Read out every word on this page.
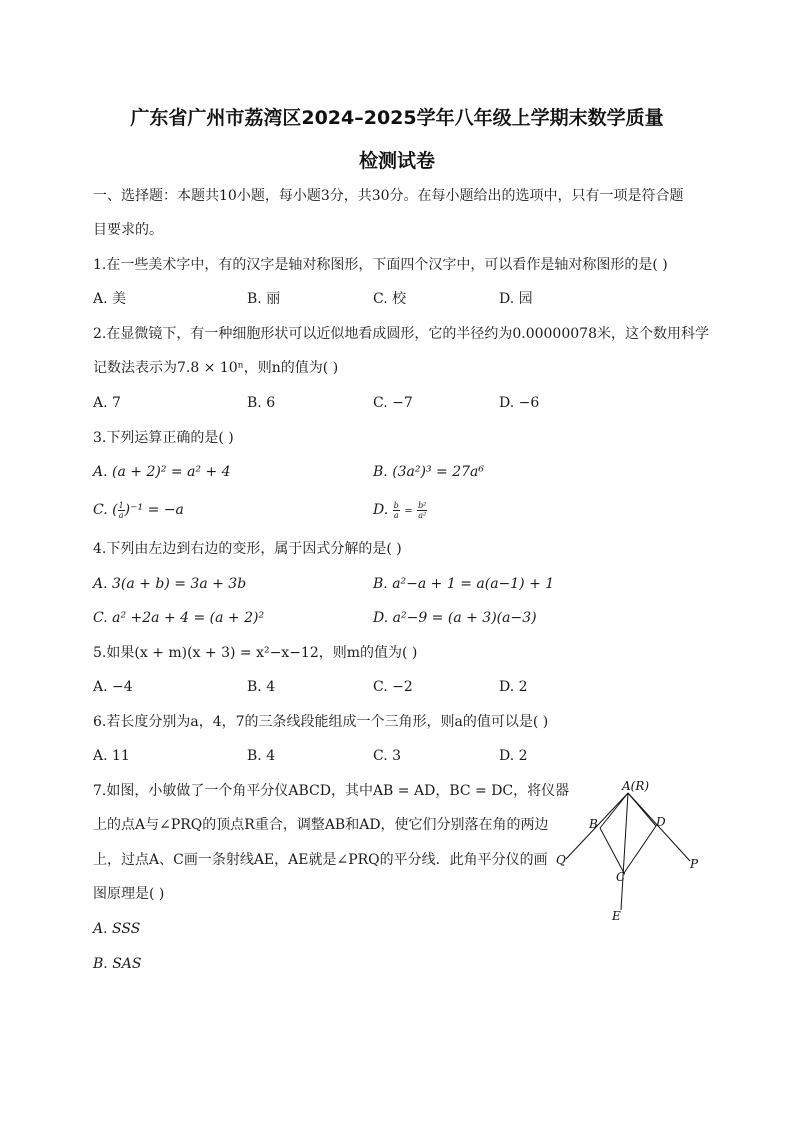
广东省广州市荔湾区2024–2025学年八年级上学期末数学质量
检测试卷
一、选择题：本题共10小题，每小题3分，共30分。在每小题给出的选项中，只有一项是符合题
目要求的。
1.在一些美术字中，有的汉字是轴对称图形，下面四个汉字中，可以看作是轴对称图形的是( )
A. 美	B. 丽	C. 校	D. 园
2.在显微镜下，有一种细胞形状可以近似地看成圆形，它的半径约为0.00000078米，这个数用科学
记数法表示为7.8 × 10ⁿ，则n的值为( )
A. 7	B. 6	C. −7	D. −6
3.下列运算正确的是( )
A. (a + 2)² = a² + 4	B. (3a²)³ = 27a⁶
C. ( $\frac{1}{a} )^{-1} = -a$	D. $\frac{b}{a} = \frac{\text{b²}}{\text{a²}}$
4.下列由左边到右边的变形，属于因式分解的是( )
A. 3(a + b) = 3a + 3b	B. a²−a + 1 = a(a−1) + 1
C. a² +2a + 4 = (a + 2)²	D. a²−9 = (a + 3)(a−3)
5.如果(x + m)(x + 3) = x²−x−12，则m的值为( )
A. −4	B. 4	C. −2	D. 2
6.若长度分别为a，4，7的三条线段能组成一个三角形，则a的值可以是( )
A. 11	B. 4	C. 3	D. 2
7.如图，小敏做了一个角平分仪ABCD，其中AB = AD，BC = DC，将仪器
上的点A与∠PRQ的顶点R重合，调整AB和AD，使它们分别落在角的两边
上，过点A、C画一条射线AE，AE就是∠PRQ的平分线．此角平分仪的画
图原理是( )
A. SSS
B. SAS
A(R)
B	D
C
Q	P
E
